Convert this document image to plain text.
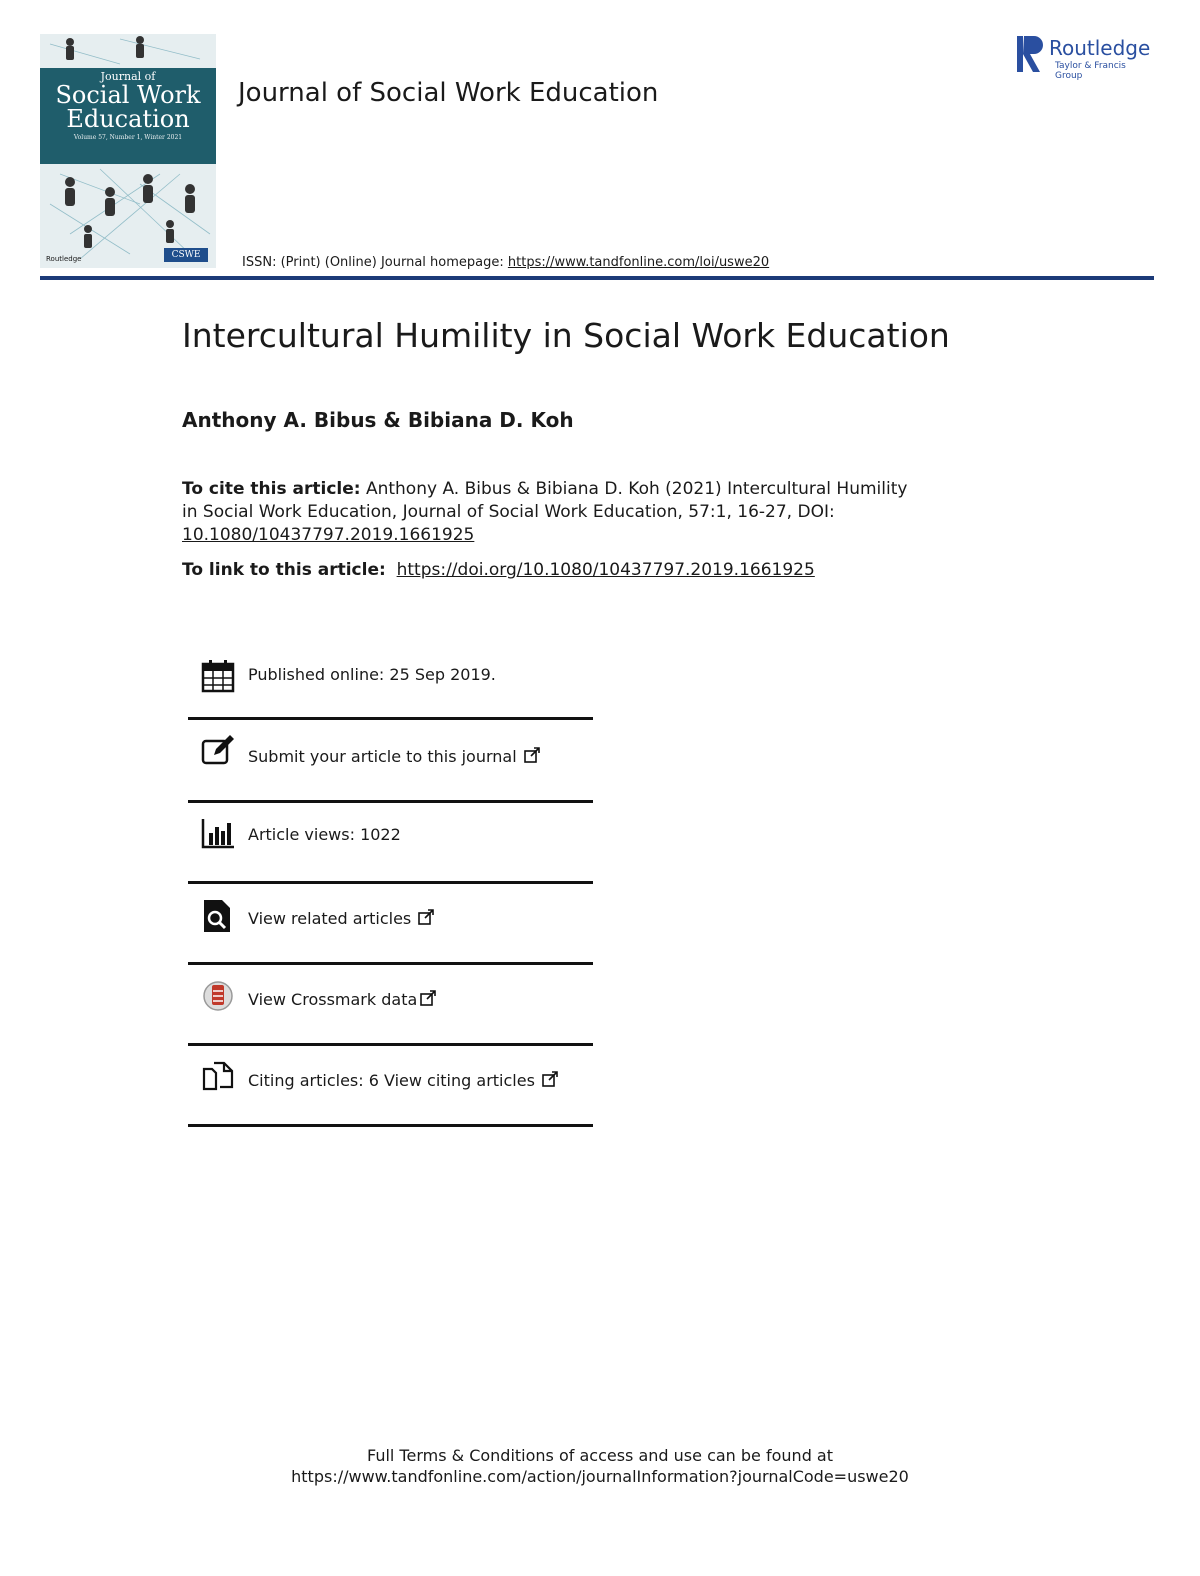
Journal of
Social Work
Education
Volume 57, Number 1, Winter 2021
Routledge	CSWE
Journal of Social Work Education
ISSN: (Print) (Online) Journal homepage: https://www.tandfonline.com/loi/uswe20
Routledge
Taylor & Francis Group
Intercultural Humility in Social Work Education
Anthony A. Bibus & Bibiana D. Koh
To cite this article: Anthony A. Bibus & Bibiana D. Koh (2021) Intercultural Humility in Social Work Education, Journal of Social Work Education, 57:1, 16-27, DOI:
10.1080/10437797.2019.1661925
To link to this article: https://doi.org/10.1080/10437797.2019.1661925
Published online: 25 Sep 2019.
Submit your article to this journal
Article views: 1022
View related articles
View Crossmark data
Citing articles: 6 View citing articles
Full Terms & Conditions of access and use can be found at
https://www.tandfonline.com/action/journalInformation?journalCode=uswe20
